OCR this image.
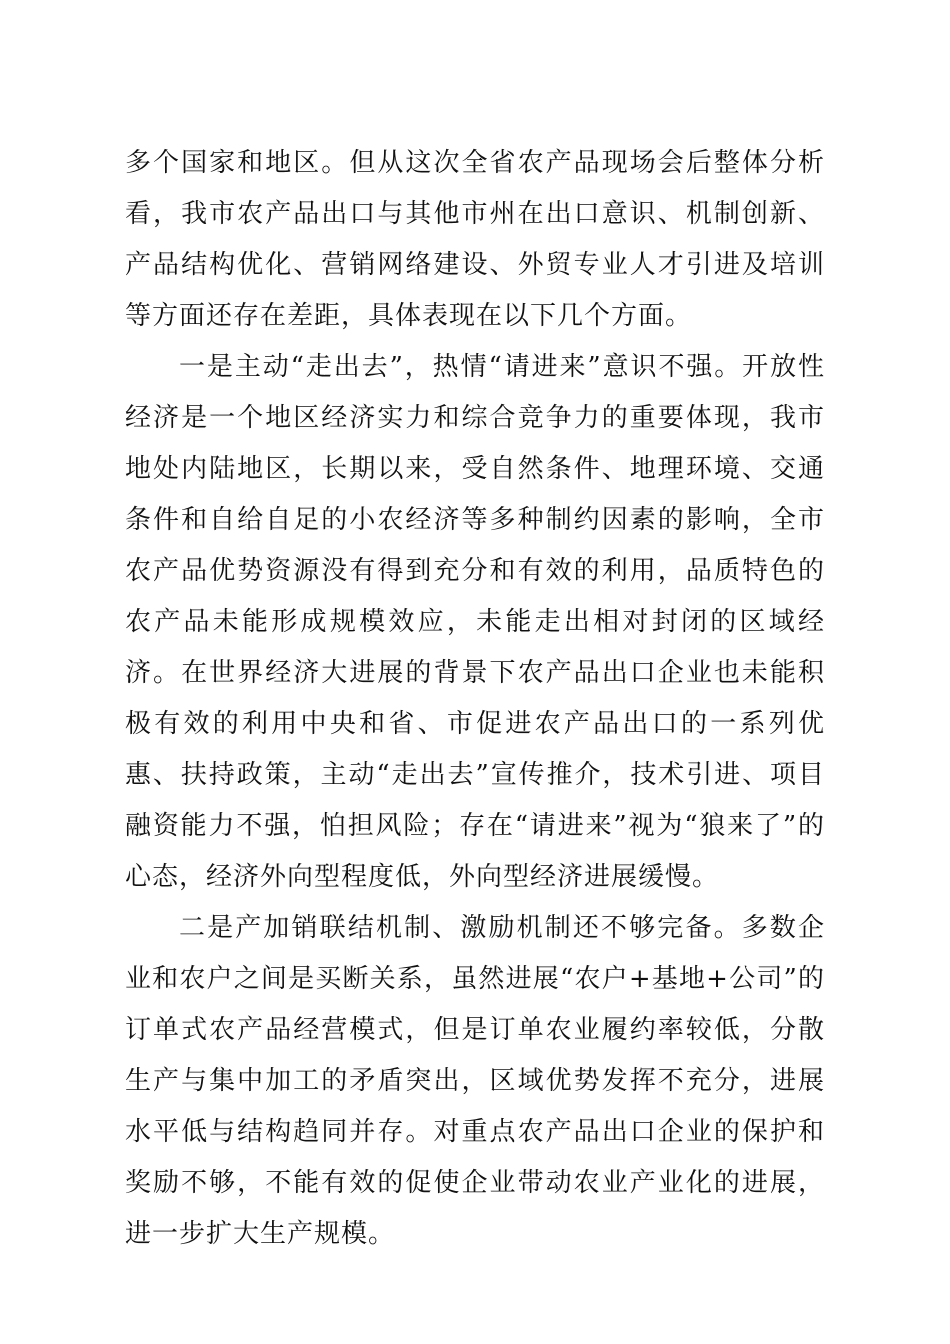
多个国家和地区。但从这次全省农产品现场会后整体分析看，我市农产品出口与其他市州在出口意识、机制创新、产品结构优化、营销网络建设、外贸专业人才引进及培训等方面还存在差距，具体表现在以下几个方面。

一是主动“走出去”，热情“请进来”意识不强。开放性经济是一个地区经济实力和综合竞争力的重要体现，我市地处内陆地区，长期以来，受自然条件、地理环境、交通条件和自给自足的小农经济等多种制约因素的影响，全市农产品优势资源没有得到充分和有效的利用，品质特色的农产品未能形成规模效应，未能走出相对封闭的区域经济。在世界经济大进展的背景下农产品出口企业也未能积极有效的利用中央和省、市促进农产品出口的一系列优惠、扶持政策，主动“走出去”宣传推介，技术引进、项目融资能力不强，怕担风险；存在“请进来”视为“狼来了”的心态，经济外向型程度低，外向型经济进展缓慢。

二是产加销联结机制、激励机制还不够完备。多数企业和农户之间是买断关系，虽然进展“农户+基地+公司”的订单式农产品经营模式，但是订单农业履约率较低，分散生产与集中加工的矛盾突出，区域优势发挥不充分，进展水平低与结构趋同并存。对重点农产品出口企业的保护和奖励不够，不能有效的促使企业带动农业产业化的进展，进一步扩大生产规模。
